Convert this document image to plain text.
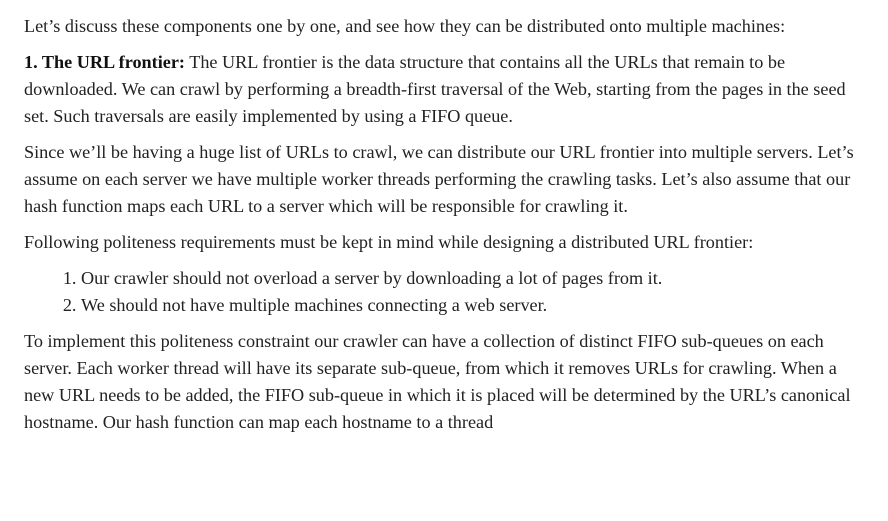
Let’s discuss these components one by one, and see how they can be distributed onto multiple machines:

1. The URL frontier: The URL frontier is the data structure that contains all the URLs that remain to be downloaded. We can crawl by performing a breadth-first traversal of the Web, starting from the pages in the seed set. Such traversals are easily implemented by using a FIFO queue.

Since we’ll be having a huge list of URLs to crawl, we can distribute our URL frontier into multiple servers. Let’s assume on each server we have multiple worker threads performing the crawling tasks. Let’s also assume that our hash function maps each URL to a server which will be responsible for crawling it.

Following politeness requirements must be kept in mind while designing a distributed URL frontier:

1. Our crawler should not overload a server by downloading a lot of pages from it.
2. We should not have multiple machines connecting a web server.

To implement this politeness constraint our crawler can have a collection of distinct FIFO sub-queues on each server. Each worker thread will have its separate sub-queue, from which it removes URLs for crawling. When a new URL needs to be added, the FIFO sub-queue in which it is placed will be determined by the URL’s canonical hostname. Our hash function can map each hostname to a thread
